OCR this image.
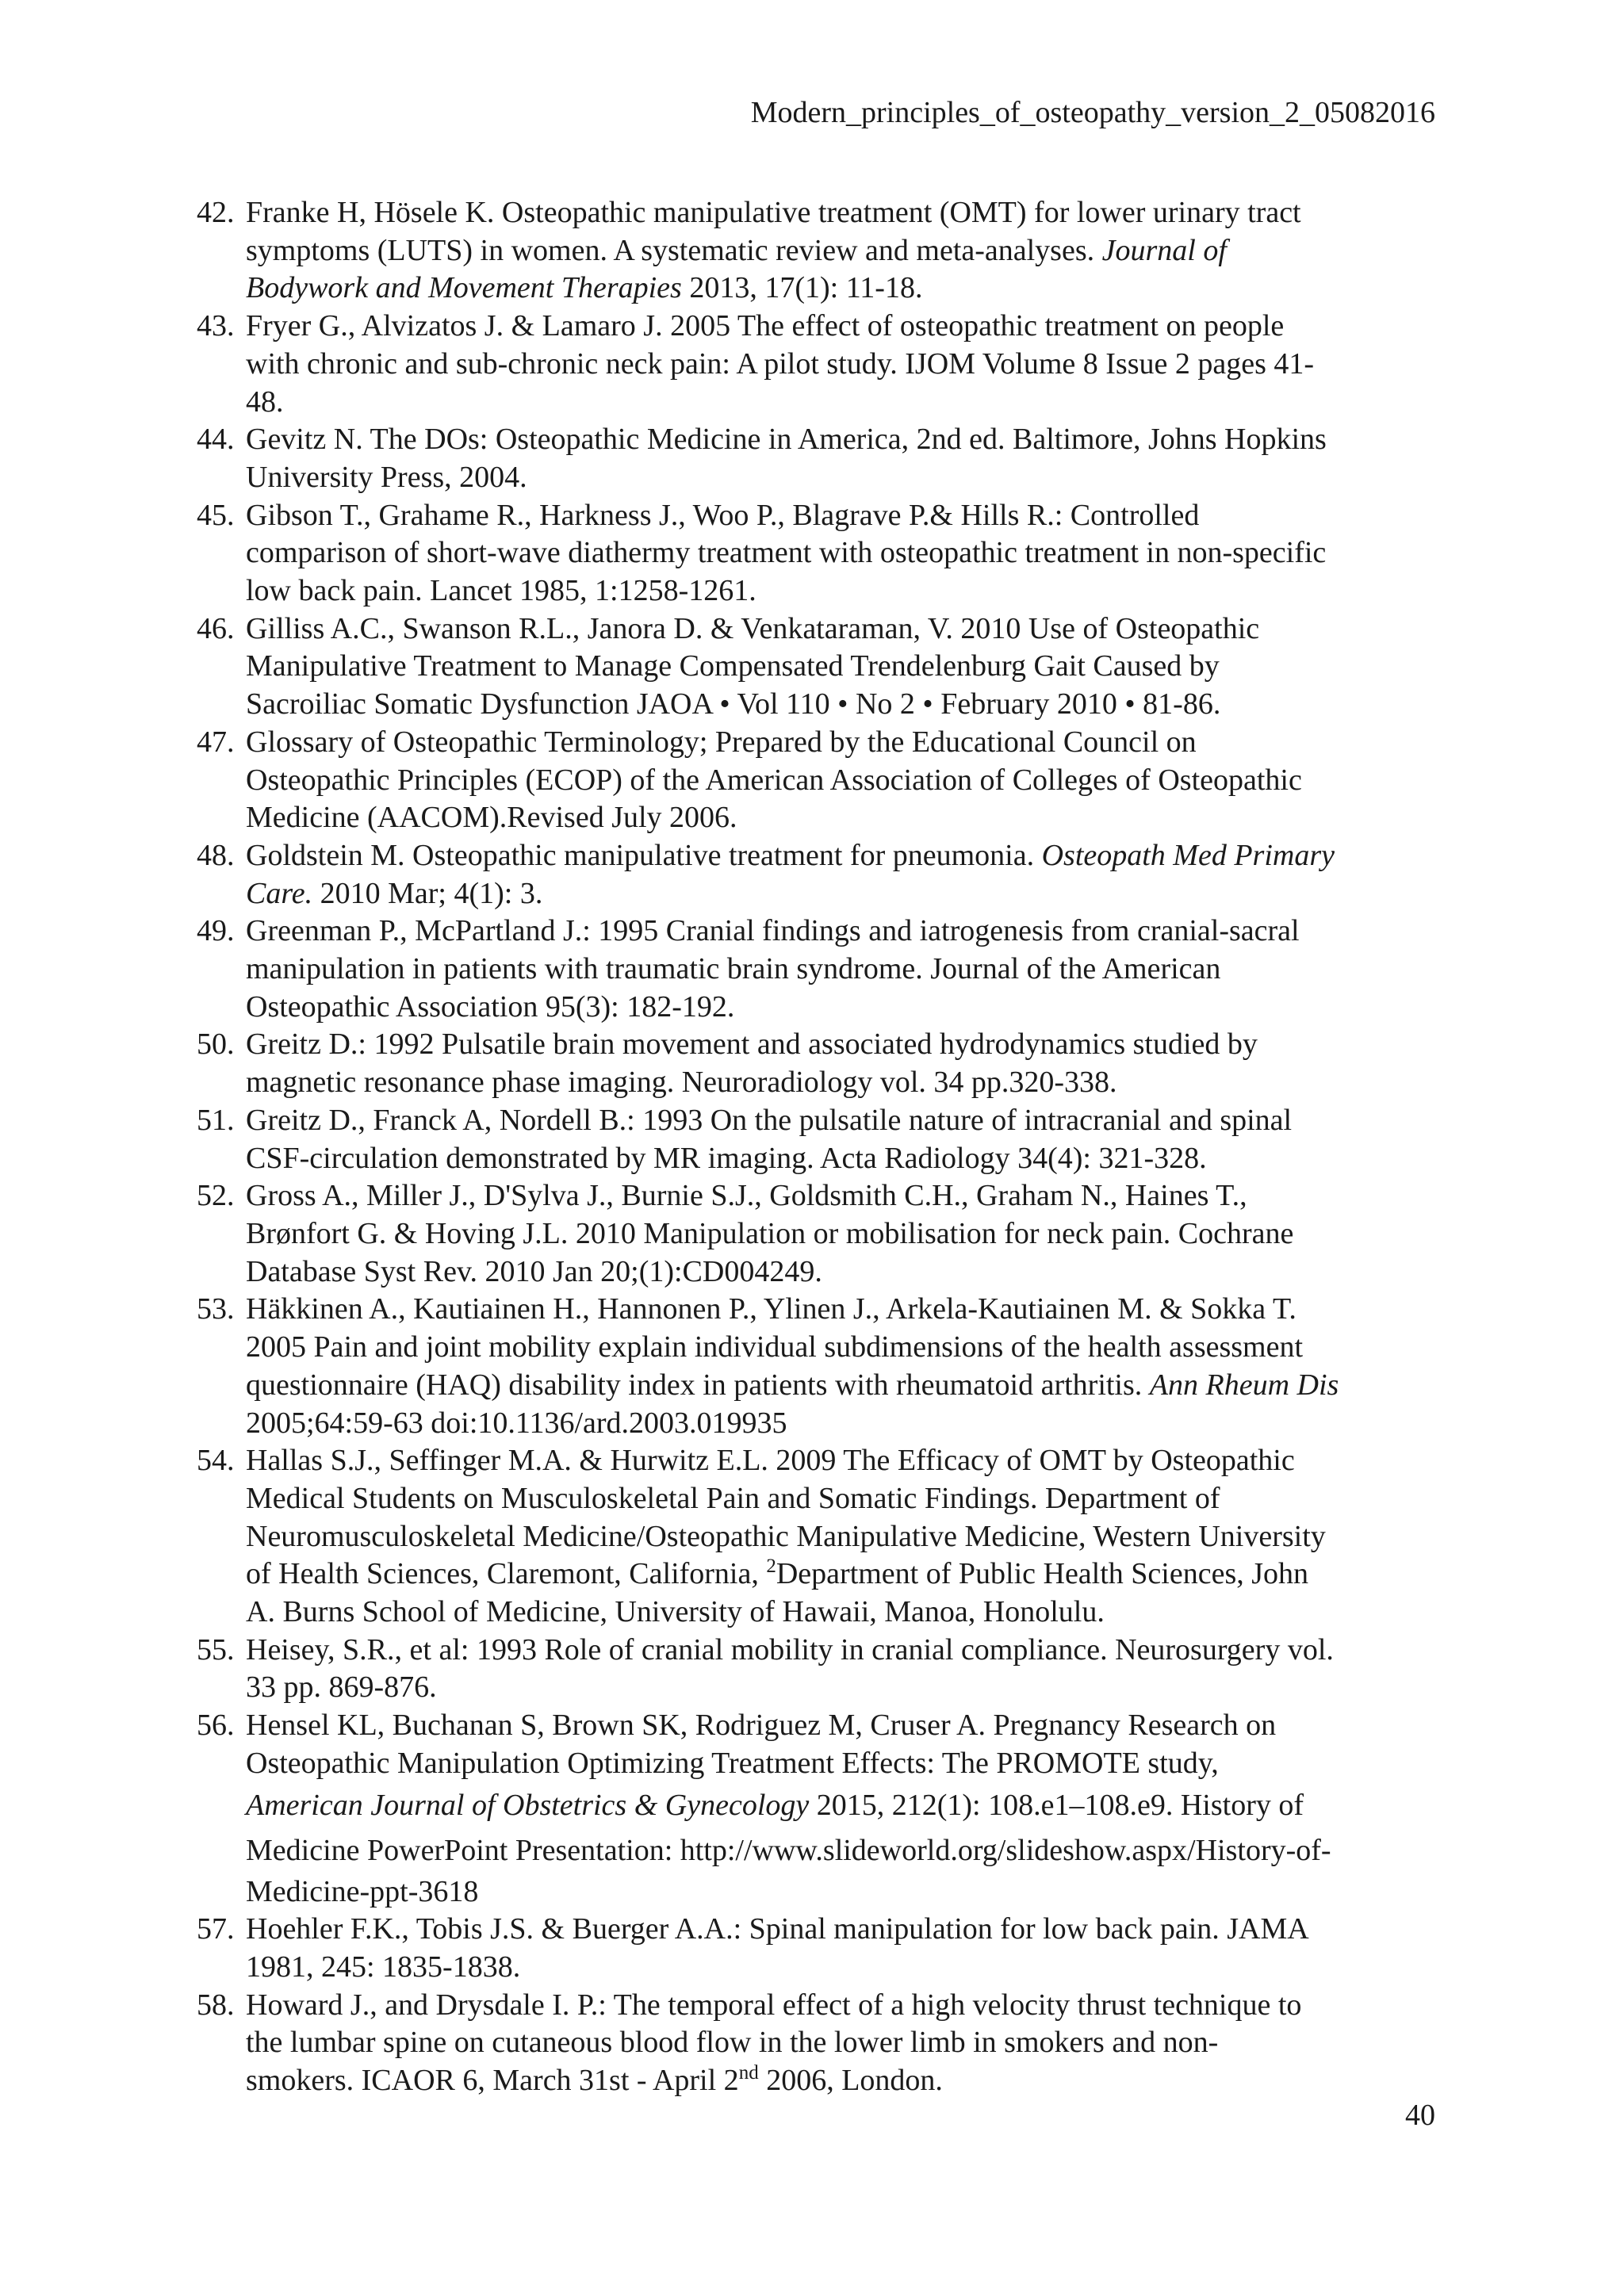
Modern_principles_of_osteopathy_version_2_05082016
42. Franke H, Hösele K. Osteopathic manipulative treatment (OMT) for lower urinary tract
symptoms (LUTS) in women. A systematic review and meta-analyses. Journal of
Bodywork and Movement Therapies 2013, 17(1): 11-18.
43. Fryer G., Alvizatos J. & Lamaro J. 2005 The effect of osteopathic treatment on people
with chronic and sub-chronic neck pain: A pilot study. IJOM Volume 8 Issue 2 pages 41-
48.
44. Gevitz N. The DOs: Osteopathic Medicine in America, 2nd ed. Baltimore, Johns Hopkins
University Press, 2004.
45. Gibson T., Grahame R., Harkness J., Woo P., Blagrave P.& Hills R.: Controlled
comparison of short-wave diathermy treatment with osteopathic treatment in non-specific
low back pain. Lancet 1985, 1:1258-1261.
46. Gilliss A.C., Swanson R.L., Janora D. & Venkataraman, V. 2010 Use of Osteopathic
Manipulative Treatment to Manage Compensated Trendelenburg Gait Caused by
Sacroiliac Somatic Dysfunction JAOA • Vol 110 • No 2 • February 2010 • 81-86.
47. Glossary of Osteopathic Terminology; Prepared by the Educational Council on
Osteopathic Principles (ECOP) of the American Association of Colleges of Osteopathic
Medicine (AACOM).Revised July 2006.
48. Goldstein M. Osteopathic manipulative treatment for pneumonia. Osteopath Med Primary
Care. 2010 Mar; 4(1): 3.
49. Greenman P., McPartland J.: 1995 Cranial findings and iatrogenesis from cranial-sacral
manipulation in patients with traumatic brain syndrome. Journal of the American
Osteopathic Association 95(3): 182-192.
50. Greitz D.: 1992 Pulsatile brain movement and associated hydrodynamics studied by
magnetic resonance phase imaging. Neuroradiology vol. 34 pp.320-338.
51. Greitz D., Franck A, Nordell B.: 1993 On the pulsatile nature of intracranial and spinal
CSF-circulation demonstrated by MR imaging. Acta Radiology 34(4): 321-328.
52. Gross A., Miller J., D'Sylva J., Burnie S.J., Goldsmith C.H., Graham N., Haines T.,
Brønfort G. & Hoving J.L. 2010 Manipulation or mobilisation for neck pain. Cochrane
Database Syst Rev. 2010 Jan 20;(1):CD004249.
53. Häkkinen A., Kautiainen H., Hannonen P., Ylinen J., Arkela-Kautiainen M. & Sokka T.
2005 Pain and joint mobility explain individual subdimensions of the health assessment
questionnaire (HAQ) disability index in patients with rheumatoid arthritis. Ann Rheum Dis
2005;64:59-63 doi:10.1136/ard.2003.019935
54. Hallas S.J., Seffinger M.A. & Hurwitz E.L. 2009 The Efficacy of OMT by Osteopathic
Medical Students on Musculoskeletal Pain and Somatic Findings. Department of
Neuromusculoskeletal Medicine/Osteopathic Manipulative Medicine, Western University
of Health Sciences, Claremont, California, $^2$Department of Public Health Sciences, John
A. Burns School of Medicine, University of Hawaii, Manoa, Honolulu.
55. Heisey, S.R., et al: 1993 Role of cranial mobility in cranial compliance. Neurosurgery vol.
33 pp. 869-876.
56. Hensel KL, Buchanan S, Brown SK, Rodriguez M, Cruser A. Pregnancy Research on
Osteopathic Manipulation Optimizing Treatment Effects: The PROMOTE study,
American Journal of Obstetrics & Gynecology 2015, 212(1): 108.e1–108.e9. History of
Medicine PowerPoint Presentation: http://www.slideworld.org/slideshow.aspx/History-of-
Medicine-ppt-3618
57. Hoehler F.K., Tobis J.S. & Buerger A.A.: Spinal manipulation for low back pain. JAMA
1981, 245: 1835-1838.
58. Howard J., and Drysdale I. P.: The temporal effect of a high velocity thrust technique to
the lumbar spine on cutaneous blood flow in the lower limb in smokers and non-
smokers. ICAOR 6, March 31st - April 2nd 2006, London.
40
